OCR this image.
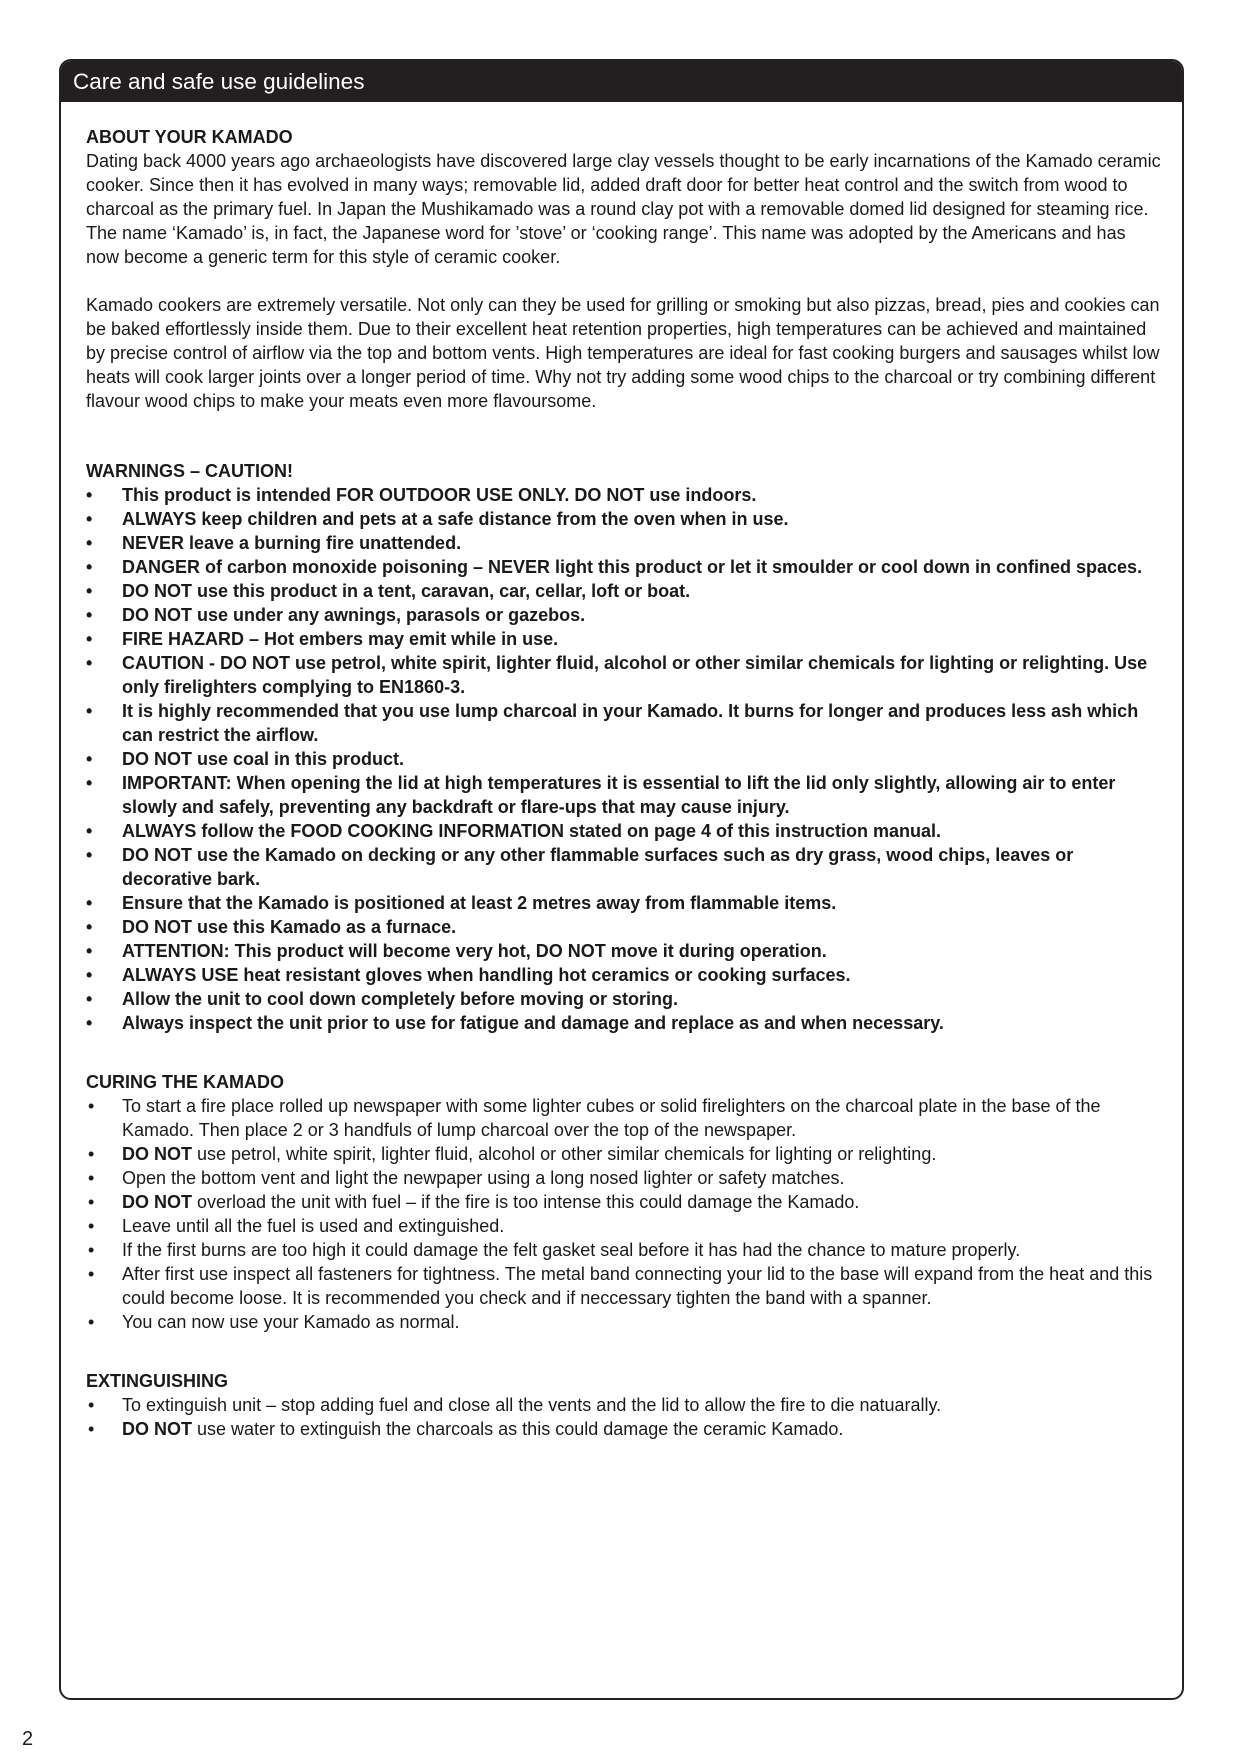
Care and safe use guidelines
ABOUT YOUR KAMADO

Dating back 4000 years ago archaeologists have discovered large clay vessels thought to be early incarnations of the Kamado ceramic cooker. Since then it has evolved in many ways; removable lid, added draft door for better heat control and the switch from wood to charcoal as the primary fuel. In Japan the Mushikamado was a round clay pot with a removable domed lid designed for steaming rice. The name ‘Kamado’ is, in fact, the Japanese word for ’stove’ or ‘cooking range’. This name was adopted by the Americans and has now become a generic term for this style of ceramic cooker.

Kamado cookers are extremely versatile. Not only can they be used for grilling or smoking but also pizzas, bread, pies and cookies can be baked effortlessly inside them. Due to their excellent heat retention properties, high temperatures can be achieved and maintained by precise control of airflow via the top and bottom vents. High temperatures are ideal for fast cooking burgers and sausages whilst low heats will cook larger joints over a longer period of time. Why not try adding some wood chips to the charcoal or try combining different flavour wood chips to make your meats even more flavoursome.

WARNINGS – CAUTION!
•	This product is intended FOR OUTDOOR USE ONLY. DO NOT use indoors.
•	ALWAYS keep children and pets at a safe distance from the oven when in use.
•	NEVER leave a burning fire unattended.
•	DANGER of carbon monoxide poisoning – NEVER light this product or let it smoulder or cool down in confined spaces.
•	DO NOT use this product in a tent, caravan, car, cellar, loft or boat.
•	DO NOT use under any awnings, parasols or gazebos.
•	FIRE HAZARD – Hot embers may emit while in use.
•	CAUTION - DO NOT use petrol, white spirit, lighter fluid, alcohol or other similar chemicals for lighting or relighting. Use only firelighters complying to EN1860-3.
•	It is highly recommended that you use lump charcoal in your Kamado. It burns for longer and produces less ash which can restrict the airflow.
•	DO NOT use coal in this product.
•	IMPORTANT: When opening the lid at high temperatures it is essential to lift the lid only slightly, allowing air to enter slowly and safely, preventing any backdraft or flare-ups that may cause injury.
•	ALWAYS follow the FOOD COOKING INFORMATION stated on page 4 of this instruction manual.
•	DO NOT use the Kamado on decking or any other flammable surfaces such as dry grass, wood chips, leaves or decorative bark.
•	Ensure that the Kamado is positioned at least 2 metres away from flammable items.
•	DO NOT use this Kamado as a furnace.
•	ATTENTION: This product will become very hot, DO NOT move it during operation.
•	ALWAYS USE heat resistant gloves when handling hot ceramics or cooking surfaces.
•	Allow the unit to cool down completely before moving or storing.
•	Always inspect the unit prior to use for fatigue and damage and replace as and when necessary.
CURING THE KAMADO
•	To start a fire place rolled up newspaper with some lighter cubes or solid firelighters on the charcoal plate in the base of the Kamado. Then place 2 or 3 handfuls of lump charcoal over the top of the newspaper.
•	DO NOT use petrol, white spirit, lighter fluid, alcohol or other similar chemicals for lighting or relighting.
•	Open the bottom vent and light the newpaper using a long nosed lighter or safety matches.
•	DO NOT overload the unit with fuel – if the fire is too intense this could damage the Kamado.
•	Leave until all the fuel is used and extinguished.
•	If the first burns are too high it could damage the felt gasket seal before it has had the chance to mature properly.
•	After first use inspect all fasteners for tightness. The metal band connecting your lid to the base will expand from the heat and this could become loose. It is recommended you check and if neccessary tighten the band with a spanner.
•	You can now use your Kamado as normal.
EXTINGUISHING
•	To extinguish unit – stop adding fuel and close all the vents and the lid to allow the fire to die natuarally.
•	DO NOT use water to extinguish the charcoals as this could damage the ceramic Kamado.
2
